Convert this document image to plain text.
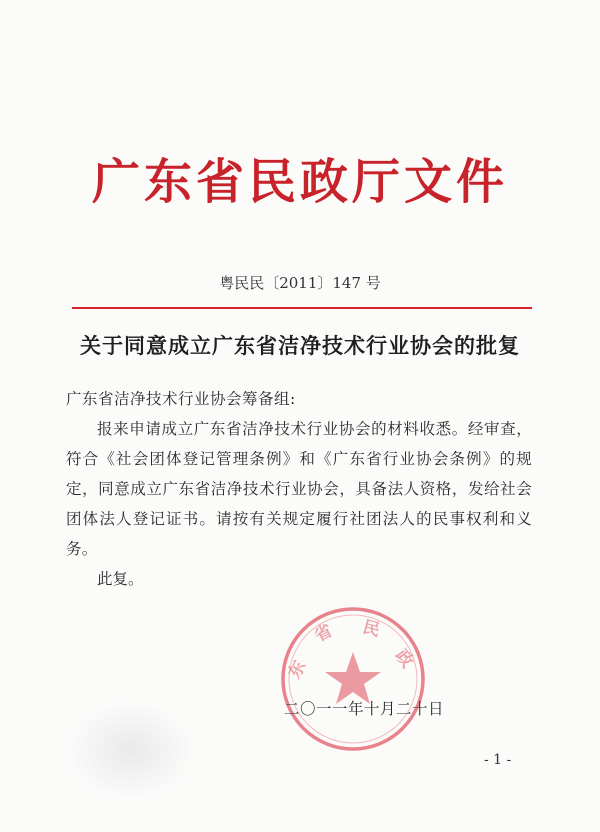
广东省民政厅文件
粤民民〔2011〕147 号
关于同意成立广东省洁净技术行业协会的批复

广东省洁净技术行业协会筹备组:

报来申请成立广东省洁净技术行业协会的材料收悉。经审查，符合《社会团体登记管理条例》和《广东省行业协会条例》的规定，同意成立广东省洁净技术行业协会，具备法人资格，发给社会团体法人登记证书。请按有关规定履行社团法人的民事权利和义务。

此复。

东
省 民
政
二〇一一年十月二十日
- 1 -
